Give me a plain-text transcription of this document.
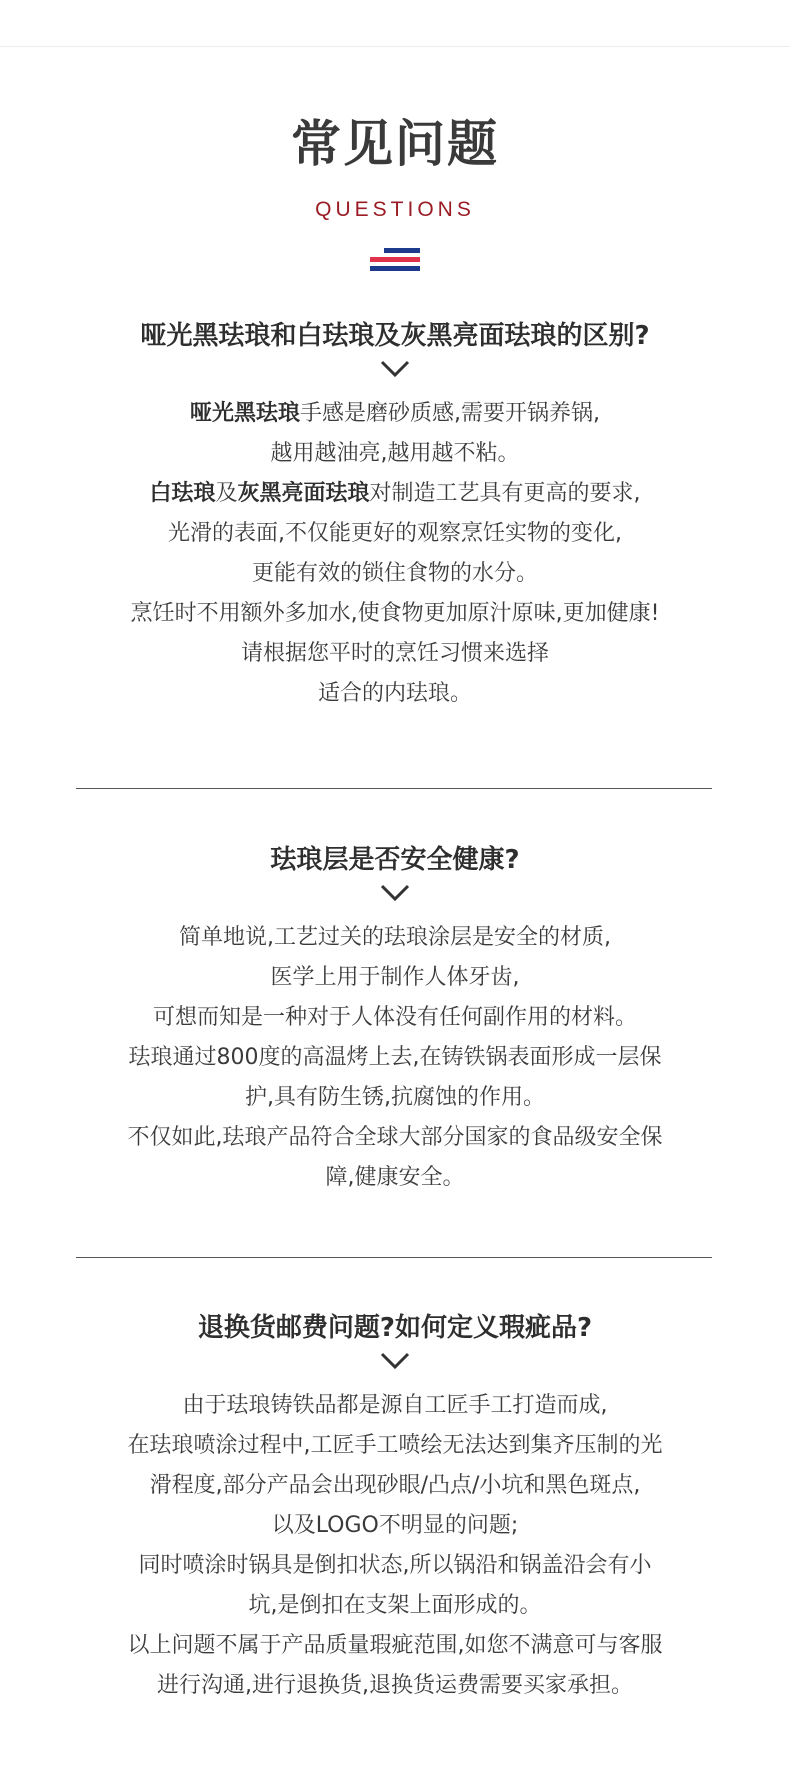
常见问题
QUESTIONS
哑光黑珐琅和白珐琅及灰黑亮面珐琅的区别?
哑光黑珐琅手感是磨砂质感,需要开锅养锅,
越用越油亮,越用越不粘。
白珐琅及灰黑亮面珐琅对制造工艺具有更高的要求,
光滑的表面,不仅能更好的观察烹饪实物的变化,
更能有效的锁住食物的水分。
烹饪时不用额外多加水,使食物更加原汁原味,更加健康!
请根据您平时的烹饪习惯来选择
适合的内珐琅。
珐琅层是否安全健康?
简单地说,工艺过关的珐琅涂层是安全的材质,
医学上用于制作人体牙齿,
可想而知是一种对于人体没有任何副作用的材料。
珐琅通过800度的高温烤上去,在铸铁锅表面形成一层保
护,具有防生锈,抗腐蚀的作用。
不仅如此,珐琅产品符合全球大部分国家的食品级安全保
障,健康安全。
退换货邮费问题?如何定义瑕疵品?
由于珐琅铸铁品都是源自工匠手工打造而成,
在珐琅喷涂过程中,工匠手工喷绘无法达到集齐压制的光
滑程度,部分产品会出现砂眼/凸点/小坑和黑色斑点,
以及LOGO不明显的问题;
同时喷涂时锅具是倒扣状态,所以锅沿和锅盖沿会有小
坑,是倒扣在支架上面形成的。
以上问题不属于产品质量瑕疵范围,如您不满意可与客服
进行沟通,进行退换货,退换货运费需要买家承担。
